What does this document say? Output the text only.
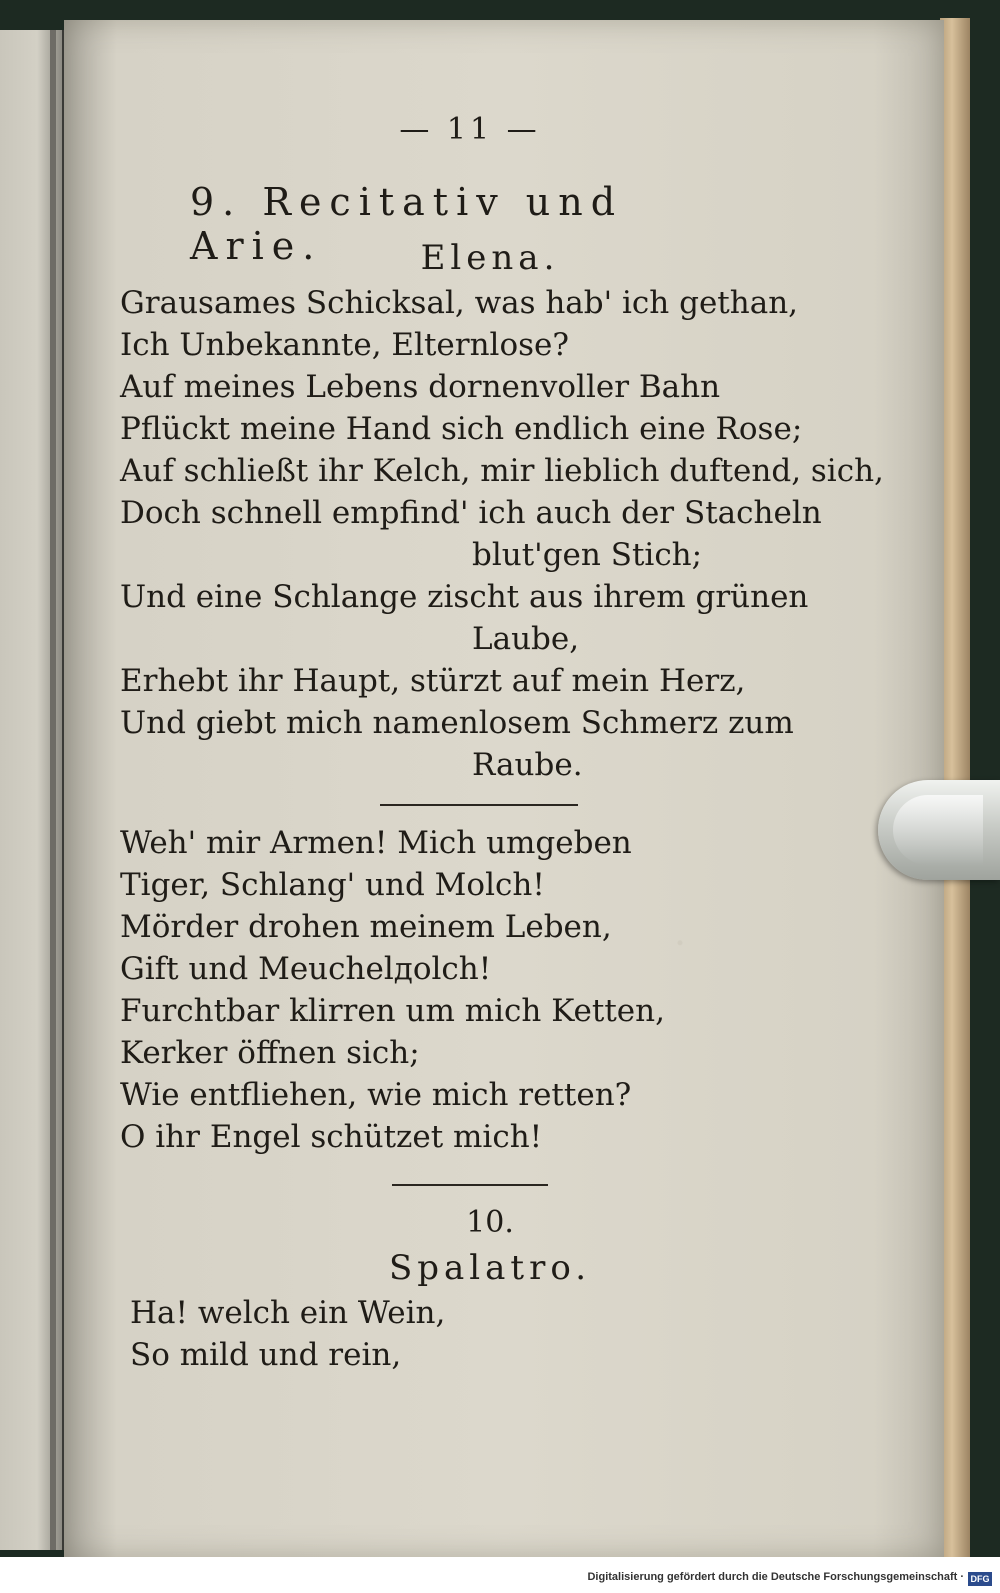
— 11 —
9. Recitativ und Arie.	Elena.
Grausames Schicksal, was hab' ich gethan,
Ich Unbekannte, Elternlose?
Auf meines Lebens dornenvoller Bahn
Pflückt meine Hand sich endlich eine Rose;
Auf schließt ihr Kelch, mir lieblich duftend, sich,
Doch schnell empfind' ich auch der Stacheln
blut'gen Stich;
Und eine Schlange zischt aus ihrem grünen
Laube,
Erhebt ihr Haupt, stürzt auf mein Herz,
Und giebt mich namenlosem Schmerz zum
Raube.
Weh' mir Armen! Mich umgeben
Tiger, Schlang' und Molch!
Mörder drohen meinem Leben,
Gift und Meuchelдolch!
Furchtbar klirren um mich Ketten,
Kerker öffnen sich;
Wie entfliehen, wie mich retten?
O ihr Engel schützet mich!
10.
Spalatro.
Ha! welch ein Wein,
So mild und rein,
Digitalisierung gefördert durch die Deutsche Forschungsgemeinschaft · DFG
